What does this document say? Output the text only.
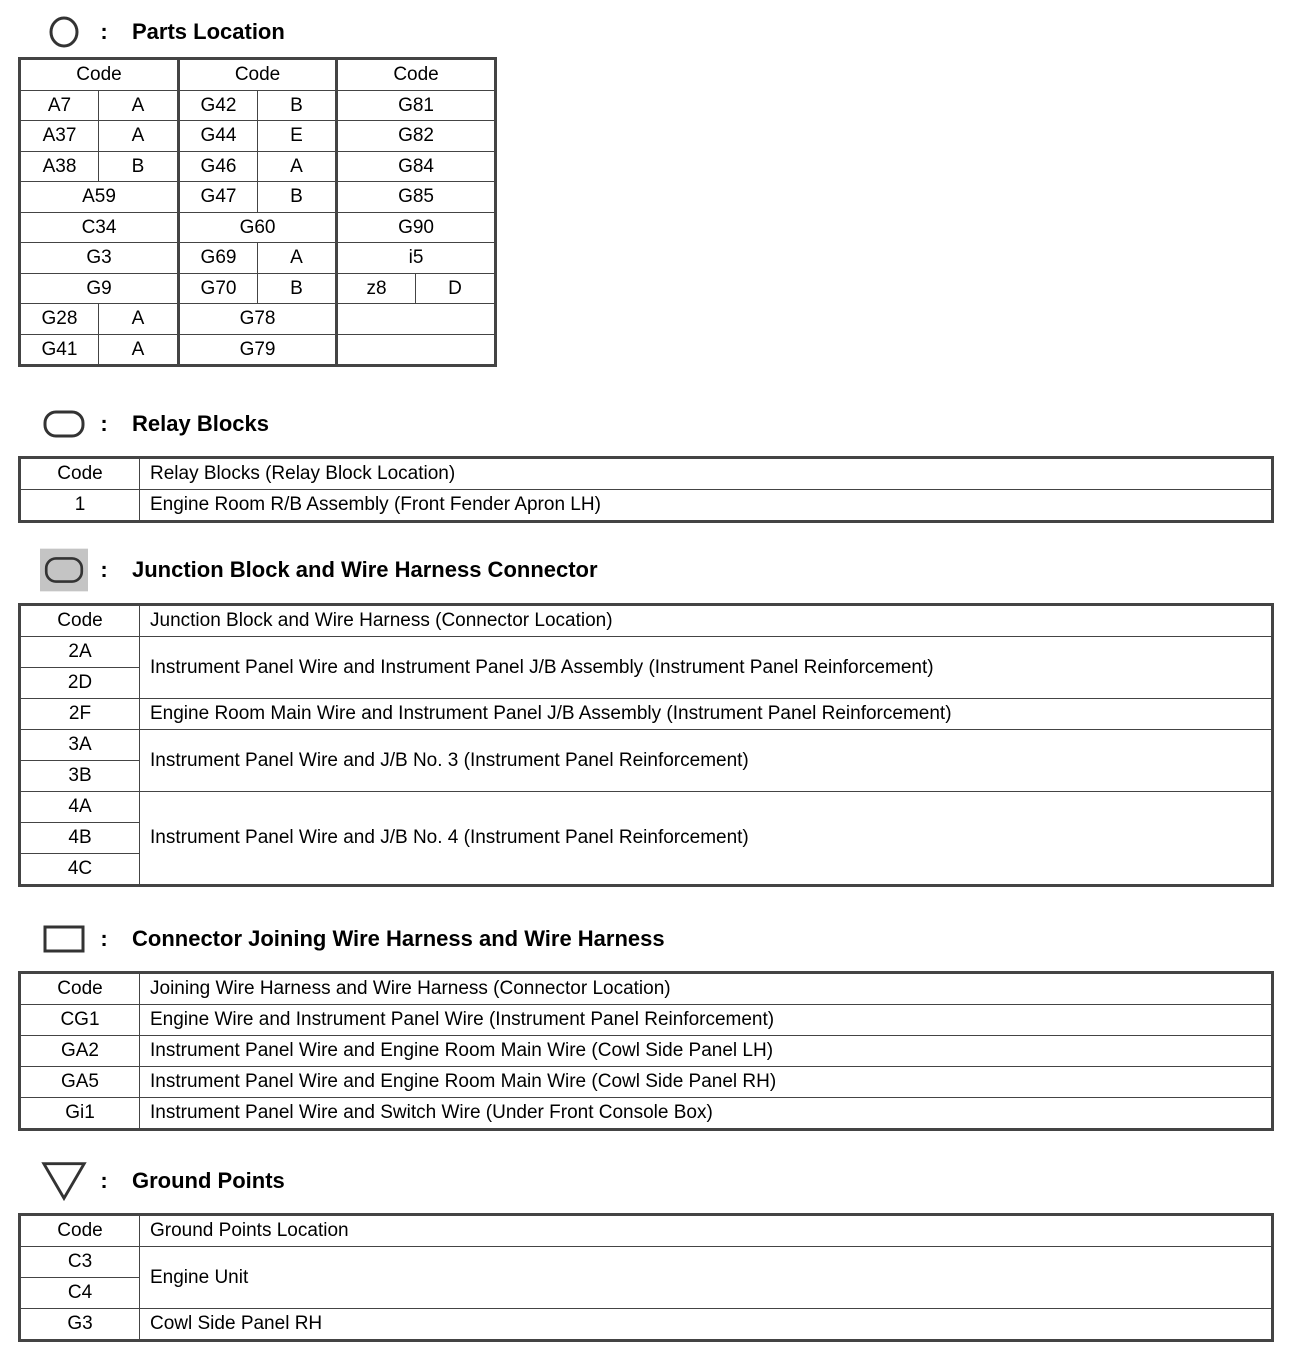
:	Parts Location
Code		Code		Code	
A7	A	G42	B	G81	
A37	A	G44	E	G82	
A38	B	G46	A	G84	
A59		G47	B	G85	
C34		G60		G90	
G3		G69	A	i5	
G9		G70	B	z8	D
G28	A	G78			
G41	A	G79			
:	Relay Blocks
Code	Relay Blocks (Relay Block Location)
1	Engine Room R/B Assembly (Front Fender Apron LH)
:	Junction Block and Wire Harness Connector
Code	Junction Block and Wire Harness (Connector Location)
2A	Instrument Panel Wire and Instrument Panel J/B Assembly (Instrument Panel Reinforcement)
2D	
2F	Engine Room Main Wire and Instrument Panel J/B Assembly (Instrument Panel Reinforcement)
3A	Instrument Panel Wire and J/B No. 3 (Instrument Panel Reinforcement)
3B	
4A	Instrument Panel Wire and J/B No. 4 (Instrument Panel Reinforcement)
4B	
4C	
:	Connector Joining Wire Harness and Wire Harness
Code	Joining Wire Harness and Wire Harness (Connector Location)
CG1	Engine Wire and Instrument Panel Wire (Instrument Panel Reinforcement)
GA2	Instrument Panel Wire and Engine Room Main Wire (Cowl Side Panel LH)
GA5	Instrument Panel Wire and Engine Room Main Wire (Cowl Side Panel RH)
Gi1	Instrument Panel Wire and Switch Wire (Under Front Console Box)
:	Ground Points
Code	Ground Points Location
C3	Engine Unit
C4	
G3	Cowl Side Panel RH
